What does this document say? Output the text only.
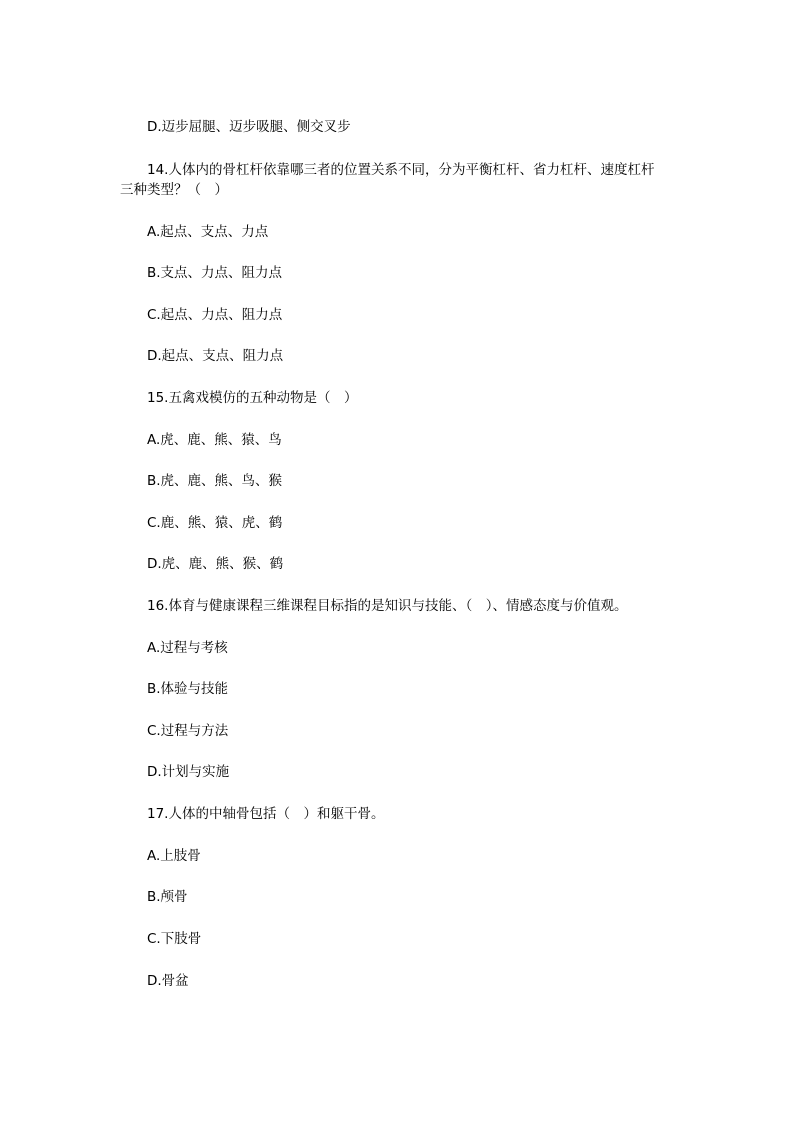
D.迈步屈腿、迈步吸腿、侧交叉步
14.人体内的骨杠杆依靠哪三者的位置关系不同，分为平衡杠杆、省力杠杆、速度杠杆
三种类型？（　）
A.起点、支点、力点
B.支点、力点、阻力点
C.起点、力点、阻力点
D.起点、支点、阻力点
15.五禽戏模仿的五种动物是（　）
A.虎、鹿、熊、猿、鸟
B.虎、鹿、熊、鸟、猴
C.鹿、熊、猿、虎、鹤
D.虎、鹿、熊、猴、鹤
16.体育与健康课程三维课程目标指的是知识与技能、（　）、情感态度与价值观。
A.过程与考核
B.体验与技能
C.过程与方法
D.计划与实施
17.人体的中轴骨包括（　）和躯干骨。
A.上肢骨
B.颅骨
C.下肢骨
D.骨盆
